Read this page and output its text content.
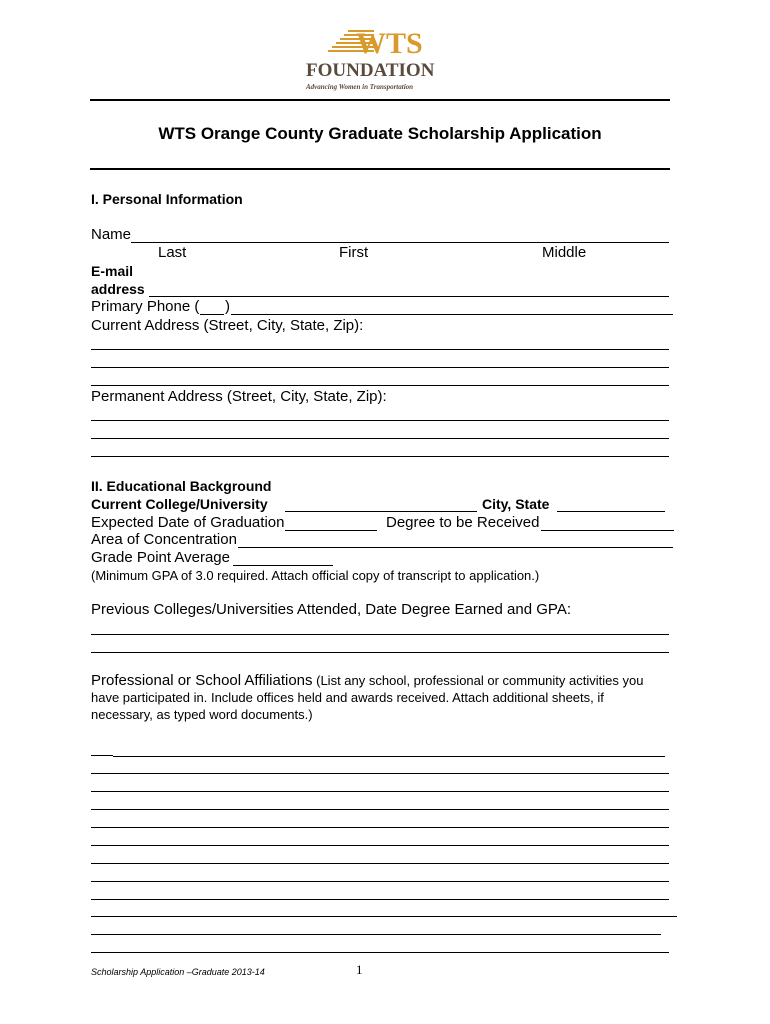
WTS
FOUNDATION
Advancing Women in Transportation
WTS Orange County Graduate Scholarship Application
I. Personal Information
Name
Last	First	Middle
E-mail
address
Primary Phone ( )
Current Address (Street, City, State, Zip):
Permanent Address (Street, City, State, Zip):
II. Educational Background
Current College/University	City, State
Expected Date of Graduation	Degree to be Received
Area of Concentration
Grade Point Average
(Minimum GPA of 3.0 required. Attach official copy of transcript to application.)
Previous Colleges/Universities Attended, Date Degree Earned and GPA:
Professional or School Affiliations (List any school, professional or community activities you
have participated in. Include offices held and awards received. Attach additional sheets, if
necessary, as typed word documents.)
Scholarship Application –Graduate 2013-14	1
